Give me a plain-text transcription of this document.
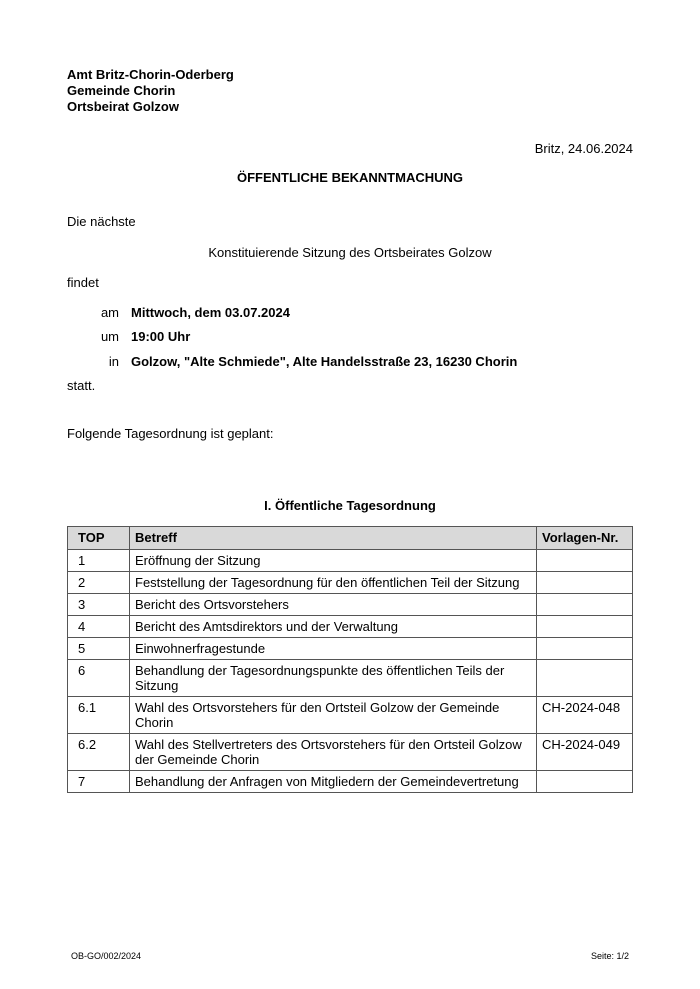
Amt Britz-Chorin-Oderberg
Gemeinde Chorin
Ortsbeirat Golzow
Britz, 24.06.2024
ÖFFENTLICHE BEKANNTMACHUNG
Die nächste
Konstituierende Sitzung des Ortsbeirates Golzow
findet
am Mittwoch, dem 03.07.2024
um 19:00 Uhr
in Golzow, "Alte Schmiede", Alte Handelsstraße 23, 16230 Chorin
statt.
Folgende Tagesordnung ist geplant:
I. Öffentliche Tagesordnung
TOP	Betreff	Vorlagen-Nr.
1	Eröffnung der Sitzung	
2	Feststellung der Tagesordnung für den öffentlichen Teil der Sitzung	
3	Bericht des Ortsvorstehers	
4	Bericht des Amtsdirektors und der Verwaltung	
5	Einwohnerfragestunde	
6	Behandlung der Tagesordnungspunkte des öffentlichen Teils der Sitzung	
6.1	Wahl des Ortsvorstehers für den Ortsteil Golzow der Gemeinde Chorin	CH-2024-048
6.2	Wahl des Stellvertreters des Ortsvorstehers für den Ortsteil Golzow der Gemeinde Chorin	CH-2024-049
7	Behandlung der Anfragen von Mitgliedern der Gemeindevertretung	
OB-GO/002/2024	Seite: 1/2
